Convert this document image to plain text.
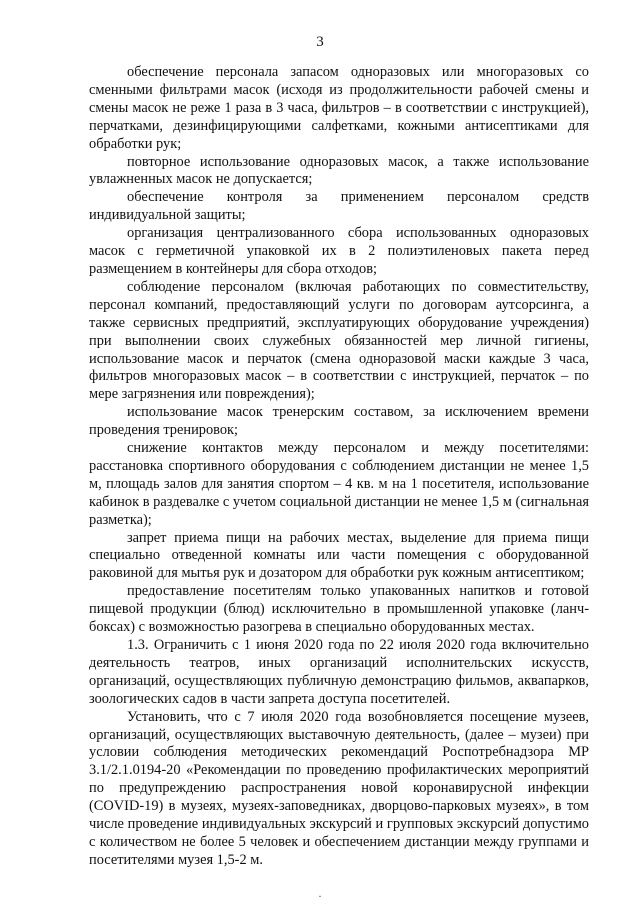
3

обеспечение персонала запасом одноразовых или многоразовых со сменными фильтрами масок (исходя из продолжительности рабочей смены и смены масок не реже 1 раза в 3 часа, фильтров – в соответствии с инструкцией), перчатками, дезинфицирующими салфетками, кожными антисептиками для обработки рук;

повторное использование одноразовых масок, а также использование увлажненных масок не допускается;

обеспечение контроля за применением персоналом средств индивидуальной защиты;

организация централизованного сбора использованных одноразовых масок с герметичной упаковкой их в 2 полиэтиленовых пакета перед размещением в контейнеры для сбора отходов;

соблюдение персоналом (включая работающих по совместительству, персонал компаний, предоставляющий услуги по договорам аутсорсинга, а также сервисных предприятий, эксплуатирующих оборудование учреждения) при выполнении своих служебных обязанностей мер личной гигиены, использование масок и перчаток (смена одноразовой маски каждые 3 часа, фильтров многоразовых масок – в соответствии с инструкцией, перчаток – по мере загрязнения или повреждения);

использование масок тренерским составом, за исключением времени проведения тренировок;

снижение контактов между персоналом и между посетителями: расстановка спортивного оборудования с соблюдением дистанции не менее 1,5 м, площадь залов для занятия спортом – 4 кв. м на 1 посетителя, использование кабинок в раздевалке с учетом социальной дистанции не менее 1,5 м (сигнальная разметка);

запрет приема пищи на рабочих местах, выделение для приема пищи специально отведенной комнаты или части помещения с оборудованной раковиной для мытья рук и дозатором для обработки рук кожным антисептиком;

предоставление посетителям только упакованных напитков и готовой пищевой продукции (блюд) исключительно в промышленной упаковке (ланч-боксах) с возможностью разогрева в специально оборудованных местах.

1.3. Ограничить с 1 июня 2020 года по 22 июля 2020 года включительно деятельность театров, иных организаций исполнительских искусств, организаций, осуществляющих публичную демонстрацию фильмов, аквапарков, зоологических садов в части запрета доступа посетителей.

Установить, что с 7 июля 2020 года возобновляется посещение музеев, организаций, осуществляющих выставочную деятельность, (далее – музеи) при условии соблюдения методических рекомендаций Роспотребнадзора МР 3.1/2.1.0194-20 «Рекомендации по проведению профилактических мероприятий по предупреждению распространения новой коронавирусной инфекции (COVID-19) в музеях, музеях-заповедниках, дворцово-парковых музеях», в том числе проведение индивидуальных экскурсий и групповых экскурсий допустимо с количеством не более 5 человек и обеспечением дистанции между группами и посетителями музея 1,5-2 м.

·
